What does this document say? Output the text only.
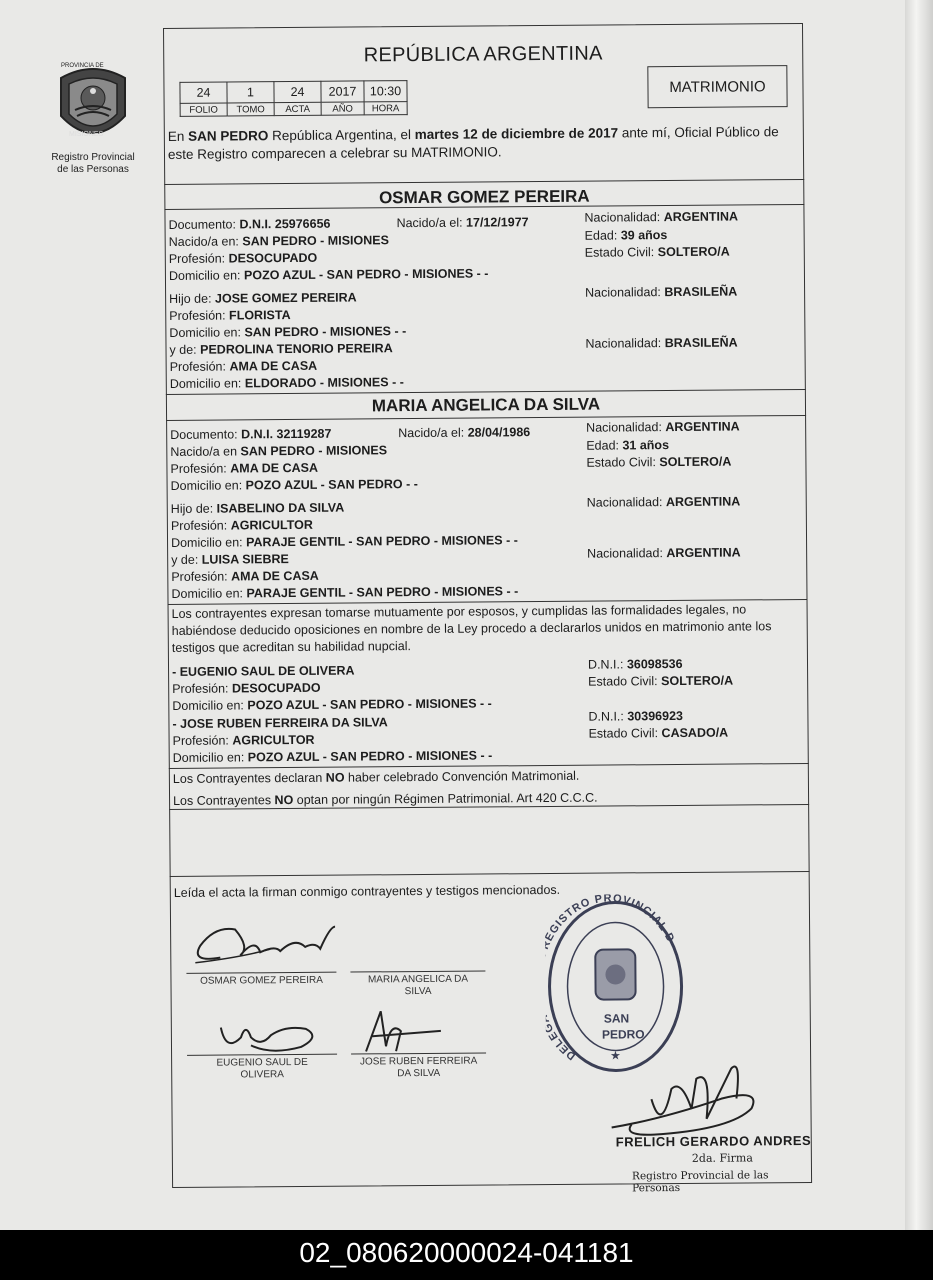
Registro Provincial
de las Personas
PROVINCIA DE
MISIONES
REPÚBLICA ARGENTINA
24	1	24	2017	10:30
FOLIO	TOMO	ACTA	AÑO	HORA
MATRIMONIO
En SAN PEDRO República Argentina, el martes 12 de diciembre de 2017 ante mí, Oficial Público de este Registro comparecen a celebrar su MATRIMONIO.
OSMAR GOMEZ PEREIRA
Documento: D.N.I. 25976656	Nacido/a el: 17/12/1977	Nacionalidad: ARGENTINA
Nacido/a en: SAN PEDRO - MISIONES	Edad: 39 años
Profesión: DESOCUPADO	Estado Civil: SOLTERO/A
Domicilio en: POZO AZUL - SAN PEDRO - MISIONES - -
Hijo de: JOSE GOMEZ PEREIRA	Nacionalidad: BRASILEÑA
Profesión: FLORISTA
Domicilio en: SAN PEDRO - MISIONES - -
y de: PEDROLINA TENORIO PEREIRA	Nacionalidad: BRASILEÑA
Profesión: AMA DE CASA
Domicilio en: ELDORADO - MISIONES - -
MARIA ANGELICA DA SILVA
Documento: D.N.I. 32119287	Nacido/a el: 28/04/1986	Nacionalidad: ARGENTINA
Nacido/a en SAN PEDRO - MISIONES	Edad: 31 años
Profesión: AMA DE CASA	Estado Civil: SOLTERO/A
Domicilio en: POZO AZUL - SAN PEDRO - -
Hijo de: ISABELINO DA SILVA	Nacionalidad: ARGENTINA
Profesión: AGRICULTOR
Domicilio en: PARAJE GENTIL - SAN PEDRO - MISIONES - -
y de: LUISA SIEBRE	Nacionalidad: ARGENTINA
Profesión: AMA DE CASA
Domicilio en: PARAJE GENTIL - SAN PEDRO - MISIONES - -
Los contrayentes expresan tomarse mutuamente por esposos, y cumplidas las formalidades legales, no habiéndose deducido oposiciones en nombre de la Ley procedo a declararlos unidos en matrimonio ante los testigos que acreditan su habilidad nupcial.
- EUGENIO SAUL DE OLIVERA	D.N.I.: 36098536
Profesión: DESOCUPADO	Estado Civil: SOLTERO/A
Domicilio en: POZO AZUL - SAN PEDRO - MISIONES - -
- JOSE RUBEN FERREIRA DA SILVA	D.N.I.: 30396923
Profesión: AGRICULTOR	Estado Civil: CASADO/A
Domicilio en: POZO AZUL - SAN PEDRO - MISIONES - -
Los Contrayentes declaran NO haber celebrado Convención Matrimonial.
Los Contrayentes NO optan por ningún Régimen Patrimonial. Art 420 C.C.C.
Leída el acta la firman conmigo contrayentes y testigos mencionados.
OSMAR GOMEZ PEREIRA	MARIA ANGELICA DA
SILVA
EUGENIO SAUL DE
OLIVERA
JOSE RUBEN FERREIRA
DA SILVA
DELEGACION DEL REGISTRO PROVINCIAL D
SAN
PEDRO
★
FRELICH GERARDO ANDRES
2da. Firma
Registro Provincial de las Personas
02_080620000024-041181
